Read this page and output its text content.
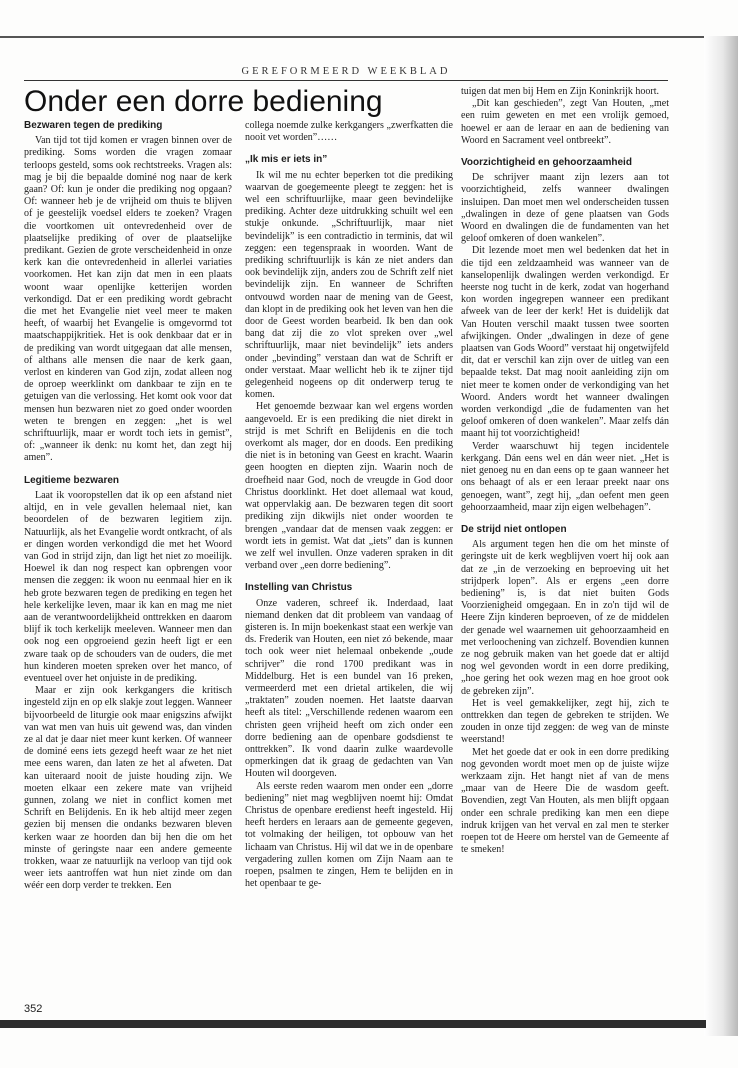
GEREFORMEERD WEEKBLAD
Onder een dorre bediening
Bezwaren tegen de prediking

Van tijd tot tijd komen er vragen binnen over de prediking. Soms worden die vragen zomaar terloops gesteld, soms ook rechtstreeks. Vragen als: mag je bij die bepaalde dominé nog naar de kerk gaan? Of: kun je onder die prediking nog opgaan? Of: wanneer heb je de vrijheid om thuis te blijven of je geestelijk voedsel elders te zoeken? Vragen die voortkomen uit ontevredenheid over de plaatselijke prediking of over de plaatselijke predikant. Gezien de grote verscheidenheid in onze kerk kan die ontevredenheid in allerlei variaties voorkomen. Het kan zijn dat men in een plaats woont waar openlijke ketterijen worden verkondigd. Dat er een prediking wordt gebracht die met het Evangelie niet veel meer te maken heeft, of waarbij het Evangelie is omgevormd tot maatschappijkritiek. Het is ook denkbaar dat er in de prediking van wordt uitgegaan dat alle mensen, of althans alle mensen die naar de kerk gaan, verlost en kinderen van God zijn, zodat alleen nog de oproep weerklinkt om dankbaar te zijn en te getuigen van die verlossing. Het komt ook voor dat mensen hun bezwaren niet zo goed onder woorden weten te brengen en zeggen: „het is wel schriftuurlijk, maar er wordt toch iets in gemist”, of: „wanneer ik denk: nu komt het, dan zegt hij amen”.

Legitieme bezwaren

Laat ik vooropstellen dat ik op een afstand niet altijd, en in vele gevallen helemaal niet, kan beoordelen of de bezwaren legitiem zijn. Natuurlijk, als het Evangelie wordt ontkracht, of als er dingen worden verkondigd die met het Woord van God in strijd zijn, dan ligt het niet zo moeilijk. Hoewel ik dan nog respect kan opbrengen voor mensen die zeggen: ik woon nu eenmaal hier en ik heb grote bezwaren tegen de prediking en tegen het hele kerkelijke leven, maar ik kan en mag me niet aan de verantwoordelijkheid onttrekken en daarom blijf ik toch kerkelijk meeleven. Wanneer men dan ook nog een opgroeiend gezin heeft ligt er een zware taak op de schouders van de ouders, die met hun kinderen moeten spreken over het manco, of eventueel over het onjuiste in de prediking.

Maar er zijn ook kerkgangers die kritisch ingesteld zijn en op elk slakje zout leggen. Wanneer bijvoorbeeld de liturgie ook maar enigszins afwijkt van wat men van huis uit gewend was, dan vinden ze al dat je daar niet meer kunt kerken. Of wanneer de dominé eens iets gezegd heeft waar ze het niet mee eens waren, dan laten ze het al afweten. Dat kan uiteraard nooit de juiste houding zijn. We moeten elkaar een zekere mate van vrijheid gunnen, zolang we niet in conflict komen met Schrift en Belijdenis. En ik heb altijd meer zegen gezien bij mensen die ondanks bezwaren bleven kerken waar ze hoorden dan bij hen die om het minste of geringste naar een andere gemeente trokken, waar ze natuurlijk na verloop van tijd ook weer iets aantroffen wat hun niet zinde om dan wéér een dorp verder te trekken. Een

collega noemde zulke kerkgangers „zwerfkatten die nooit vet worden”……

„Ik mis er iets in”

Ik wil me nu echter beperken tot die prediking waarvan de goegemeente pleegt te zeggen: het is wel een schriftuurlijke, maar geen bevindelijke prediking. Achter deze uitdrukking schuilt wel een stukje onkunde. „Schriftuurlijk, maar niet bevindelijk” is een contradictio in terminis, dat wil zeggen: een tegenspraak in woorden. Want de prediking schriftuurlijk is kán ze niet anders dan ook bevindelijk zijn, anders zou de Schrift zelf niet bevindelijk zijn. En wanneer de Schriften ontvouwd worden naar de mening van de Geest, dan klopt in de prediking ook het leven van hen die door de Geest worden bearbeid. Ik ben dan ook bang dat zij die zo vlot spreken over „wel schriftuurlijk, maar niet bevindelijk” iets anders onder „bevinding” verstaan dan wat de Schrift er onder verstaat. Maar wellicht heb ik te zijner tijd gelegenheid nogeens op dit onderwerp terug te komen.

Het genoemde bezwaar kan wel ergens worden aangevoeld. Er is een prediking die niet direkt in strijd is met Schrift en Belijdenis en die toch overkomt als mager, dor en doods. Een prediking die niet is in betoning van Geest en kracht. Waarin geen hoogten en diepten zijn. Waarin noch de droefheid naar God, noch de vreugde in God door Christus doorklinkt. Het doet allemaal wat koud, wat oppervlakig aan. De bezwaren tegen dit soort prediking zijn dikwijls niet onder woorden te brengen „vandaar dat de mensen vaak zeggen: er wordt iets in gemist. Wat dat „iets” dan is kunnen we zelf wel invullen. Onze vaderen spraken in dit verband over „een dorre bediening”.

Instelling van Christus

Onze vaderen, schreef ik. Inderdaad, laat niemand denken dat dit probleem van vandaag of gisteren is. In mijn boekenkast staat een werkje van ds. Frederik van Houten, een niet zó bekende, maar toch ook weer niet helemaal onbekende „oude schrijver” die rond 1700 predikant was in Middelburg. Het is een bundel van 16 preken, vermeerderd met een drietal artikelen, die wij „traktaten” zouden noemen. Het laatste daarvan heeft als titel: „Verschillende redenen waarom een christen geen vrijheid heeft om zich onder een dorre bediening aan de openbare godsdienst te onttrekken”. Ik vond daarin zulke waardevolle opmerkingen dat ik graag de gedachten van Van Houten wil doorgeven.

Als eerste reden waarom men onder een „dorre bediening” niet mag wegblijven noemt hij: Omdat Christus de openbare eredienst heeft ingesteld. Hij heeft herders en leraars aan de gemeente gegeven, tot volmaking der heiligen, tot opbouw van het lichaam van Christus. Hij wil dat we in de openbare vergadering zullen komen om Zijn Naam aan te roepen, psalmen te zingen, Hem te belijden en in het openbaar te ge-

tuigen dat men bij Hem en Zijn Koninkrijk hoort.

„Dit kan geschieden”, zegt Van Houten, „met een ruim geweten en met een vrolijk gemoed, hoewel er aan de leraar en aan de bediening van Woord en Sacrament veel ontbreekt”.

Voorzichtigheid en gehoorzaamheid

De schrijver maant zijn lezers aan tot voorzichtigheid, zelfs wanneer dwalingen insluipen. Dan moet men wel onderscheiden tussen „dwalingen in deze of gene plaatsen van Gods Woord en dwalingen die de fundamenten van het geloof omkeren of doen wankelen”.

Dit lezende moet men wel bedenken dat het in die tijd een zeldzaamheid was wanneer van de kanselopenlijk dwalingen werden verkondigd. Er heerste nog tucht in de kerk, zodat van hogerhand kon worden ingegrepen wanneer een predikant afweek van de leer der kerk! Het is duidelijk dat Van Houten verschil maakt tussen twee soorten afwijkingen. Onder „dwalingen in deze of gene plaatsen van Gods Woord” verstaat hij ongetwijfeld dit, dat er verschil kan zijn over de uitleg van een bepaalde tekst. Dat mag nooit aanleiding zijn om niet meer te komen onder de verkondiging van het Woord. Anders wordt het wanneer dwalingen worden verkondigd „die de fudamenten van het geloof omkeren of doen wankelen”. Maar zelfs dán maant hij tot voorzichtigheid!

Verder waarschuwt hij tegen incidentele kerkgang. Dán eens wel en dán weer niet. „Het is niet genoeg nu en dan eens op te gaan wanneer het ons behaagt of als er een leraar preekt naar ons genoegen, want”, zegt hij, „dan oefent men geen gehoorzaamheid, maar zijn eigen welbehagen”.

De strijd niet ontlopen

Als argument tegen hen die om het minste of geringste uit de kerk wegblijven voert hij ook aan dat ze „in de verzoeking en beproeving uit het strijdperk lopen”. Als er ergens „een dorre bediening” is, is dat niet buiten Gods Voorzienigheid omgegaan. En in zo'n tijd wil de Heere Zijn kinderen beproeven, of ze de middelen der genade wel waarnemen uit gehoorzaamheid en met verloochening van zichzelf. Bovendien kunnen ze nog gebruik maken van het goede dat er altijd nog wel gevonden wordt in een dorre prediking, „hoe gering het ook wezen mag en hoe groot ook de gebreken zijn”.

Het is veel gemakkelijker, zegt hij, zich te onttrekken dan tegen de gebreken te strijden. We zouden in onze tijd zeggen: de weg van de minste weerstand!

Met het goede dat er ook in een dorre prediking nog gevonden wordt moet men op de juiste wijze werkzaam zijn. Het hangt niet af van de mens „maar van de Heere Die de wasdom geeft. Bovendien, zegt Van Houten, als men blijft opgaan onder een schrale prediking kan men een diepe indruk krijgen van het verval en zal men te sterker roepen tot de Heere om herstel van de Gemeente af te smeken!

352
